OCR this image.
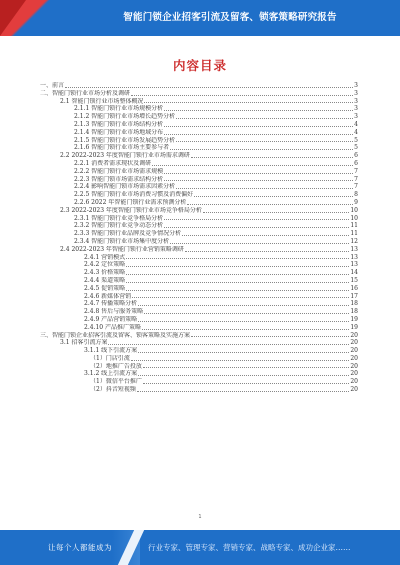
智能门锁企业招客引流及留客、锁客策略研究报告
内容目录
一、前言	3
二、智能门锁行业市场分析及调研	3
2.1 智能门锁行业市场整体概况	3
2.1.1 智能门锁行业市场规模分析	3
2.1.2 智能门锁行业市场增长趋势分析	3
2.1.3 智能门锁行业市场结构分析	4
2.1.4 智能门锁行业市场地域分布	4
2.1.5 智能门锁行业市场发展趋势分析	5
2.1.6 智能门锁行业市场主要参与者	5
2.2 2022-2023 年度智能门锁行业市场需求调研	6
2.2.1 消费者需求现状及调研	6
2.2.2 智能门锁行业市场需求规模	7
2.2.3 智能门锁市场需求结构分析	7
2.2.4 影响智能门锁市场需求因素分析	7
2.2.5 智能门锁行业市场消费习惯及消费偏好	8
2.2.6 2022 年智能门锁行业需求预测分析	9
2.3 2022-2023 年度智能门锁行业市场竞争格局分析	10
2.3.1 智能门锁行业竞争格局分析	10
2.3.2 智能门锁行业竞争动态分析	11
2.3.3 智能门锁行业品牌及竞争情况分析	11
2.3.4 智能门锁行业市场集中度分析	12
2.4 2022-2023 年智能门锁行业营销策略调研	13
2.4.1 营销模式	13
2.4.2 定位策略	13
2.4.3 价格策略	14
2.4.4 渠道策略	15
2.4.5 促销策略	16
2.4.6 新媒体营销	17
2.4.7 传播策略分析	18
2.4.8 售后与服务策略	18
2.4.9 产品营销策略	19
2.4.10 产品推广策略	19
三、智能门锁企业招客引流及留客、锁客策略及实施方案	20
3.1 招客引流方案	20
3.1.1 线下引流方案	20
（1）门店引流	20
（2）地推广告投放	20
3.1.2 线上引流方案	20
（1）微信平台推广	20
（2）抖音短视频	20
1
让每个人都能成为	行业专家、管理专家、营销专家、战略专家、成功企业家……
